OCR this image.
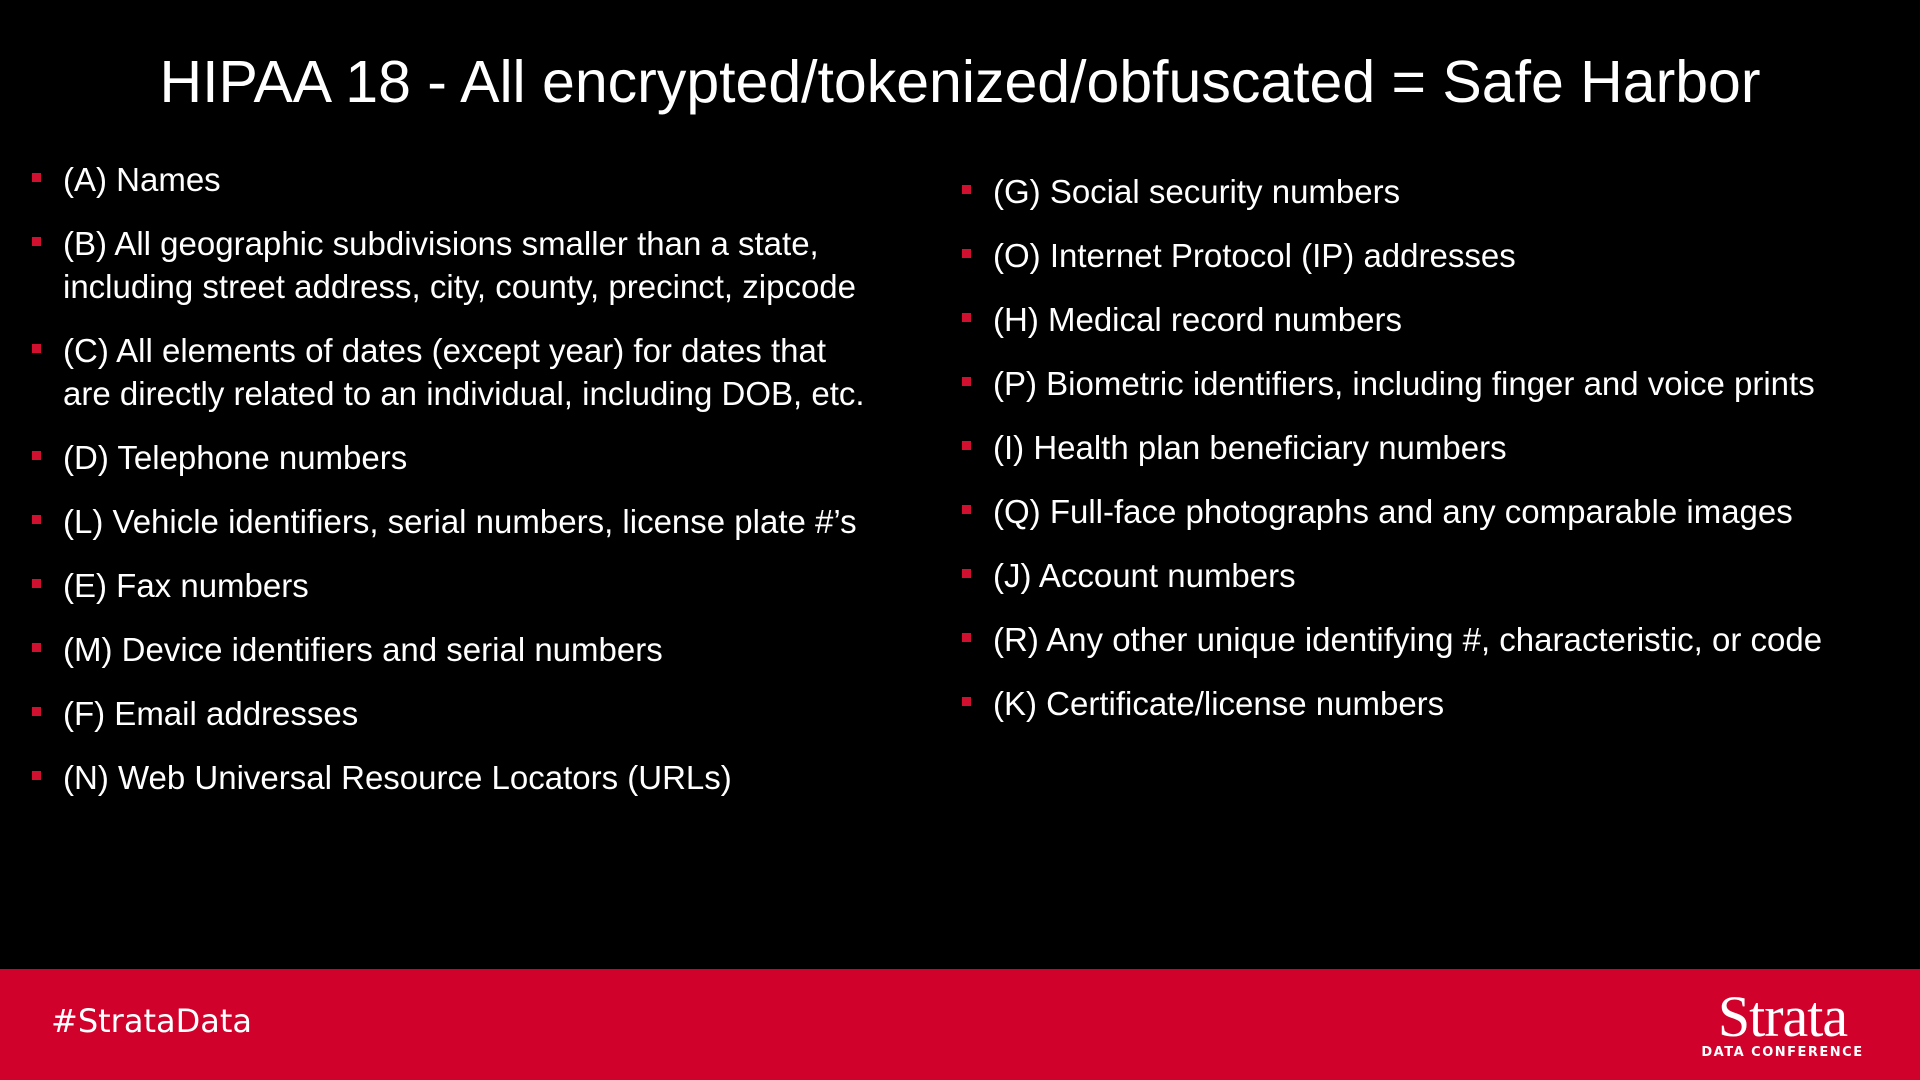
HIPAA 18 - All encrypted/tokenized/obfuscated = Safe Harbor
(A) Names
(B) All geographic subdivisions smaller than a state,
including street address, city, county, precinct, zipcode
(C) All elements of dates (except year) for dates that
are directly related to an individual, including DOB, etc.
(D) Telephone numbers
(L) Vehicle identifiers, serial numbers, license plate #’s
(E) Fax numbers
(M) Device identifiers and serial numbers
(F) Email addresses
(N) Web Universal Resource Locators (URLs)
(G) Social security numbers
(O) Internet Protocol (IP) addresses
(H) Medical record numbers
(P) Biometric identifiers, including finger and voice prints
(I) Health plan beneficiary numbers
(Q) Full-face photographs and any comparable images
(J) Account numbers
(R) Any other unique identifying #, characteristic, or code
(K) Certificate/license numbers
#StrataData	Strata
DATA CONFERENCE
